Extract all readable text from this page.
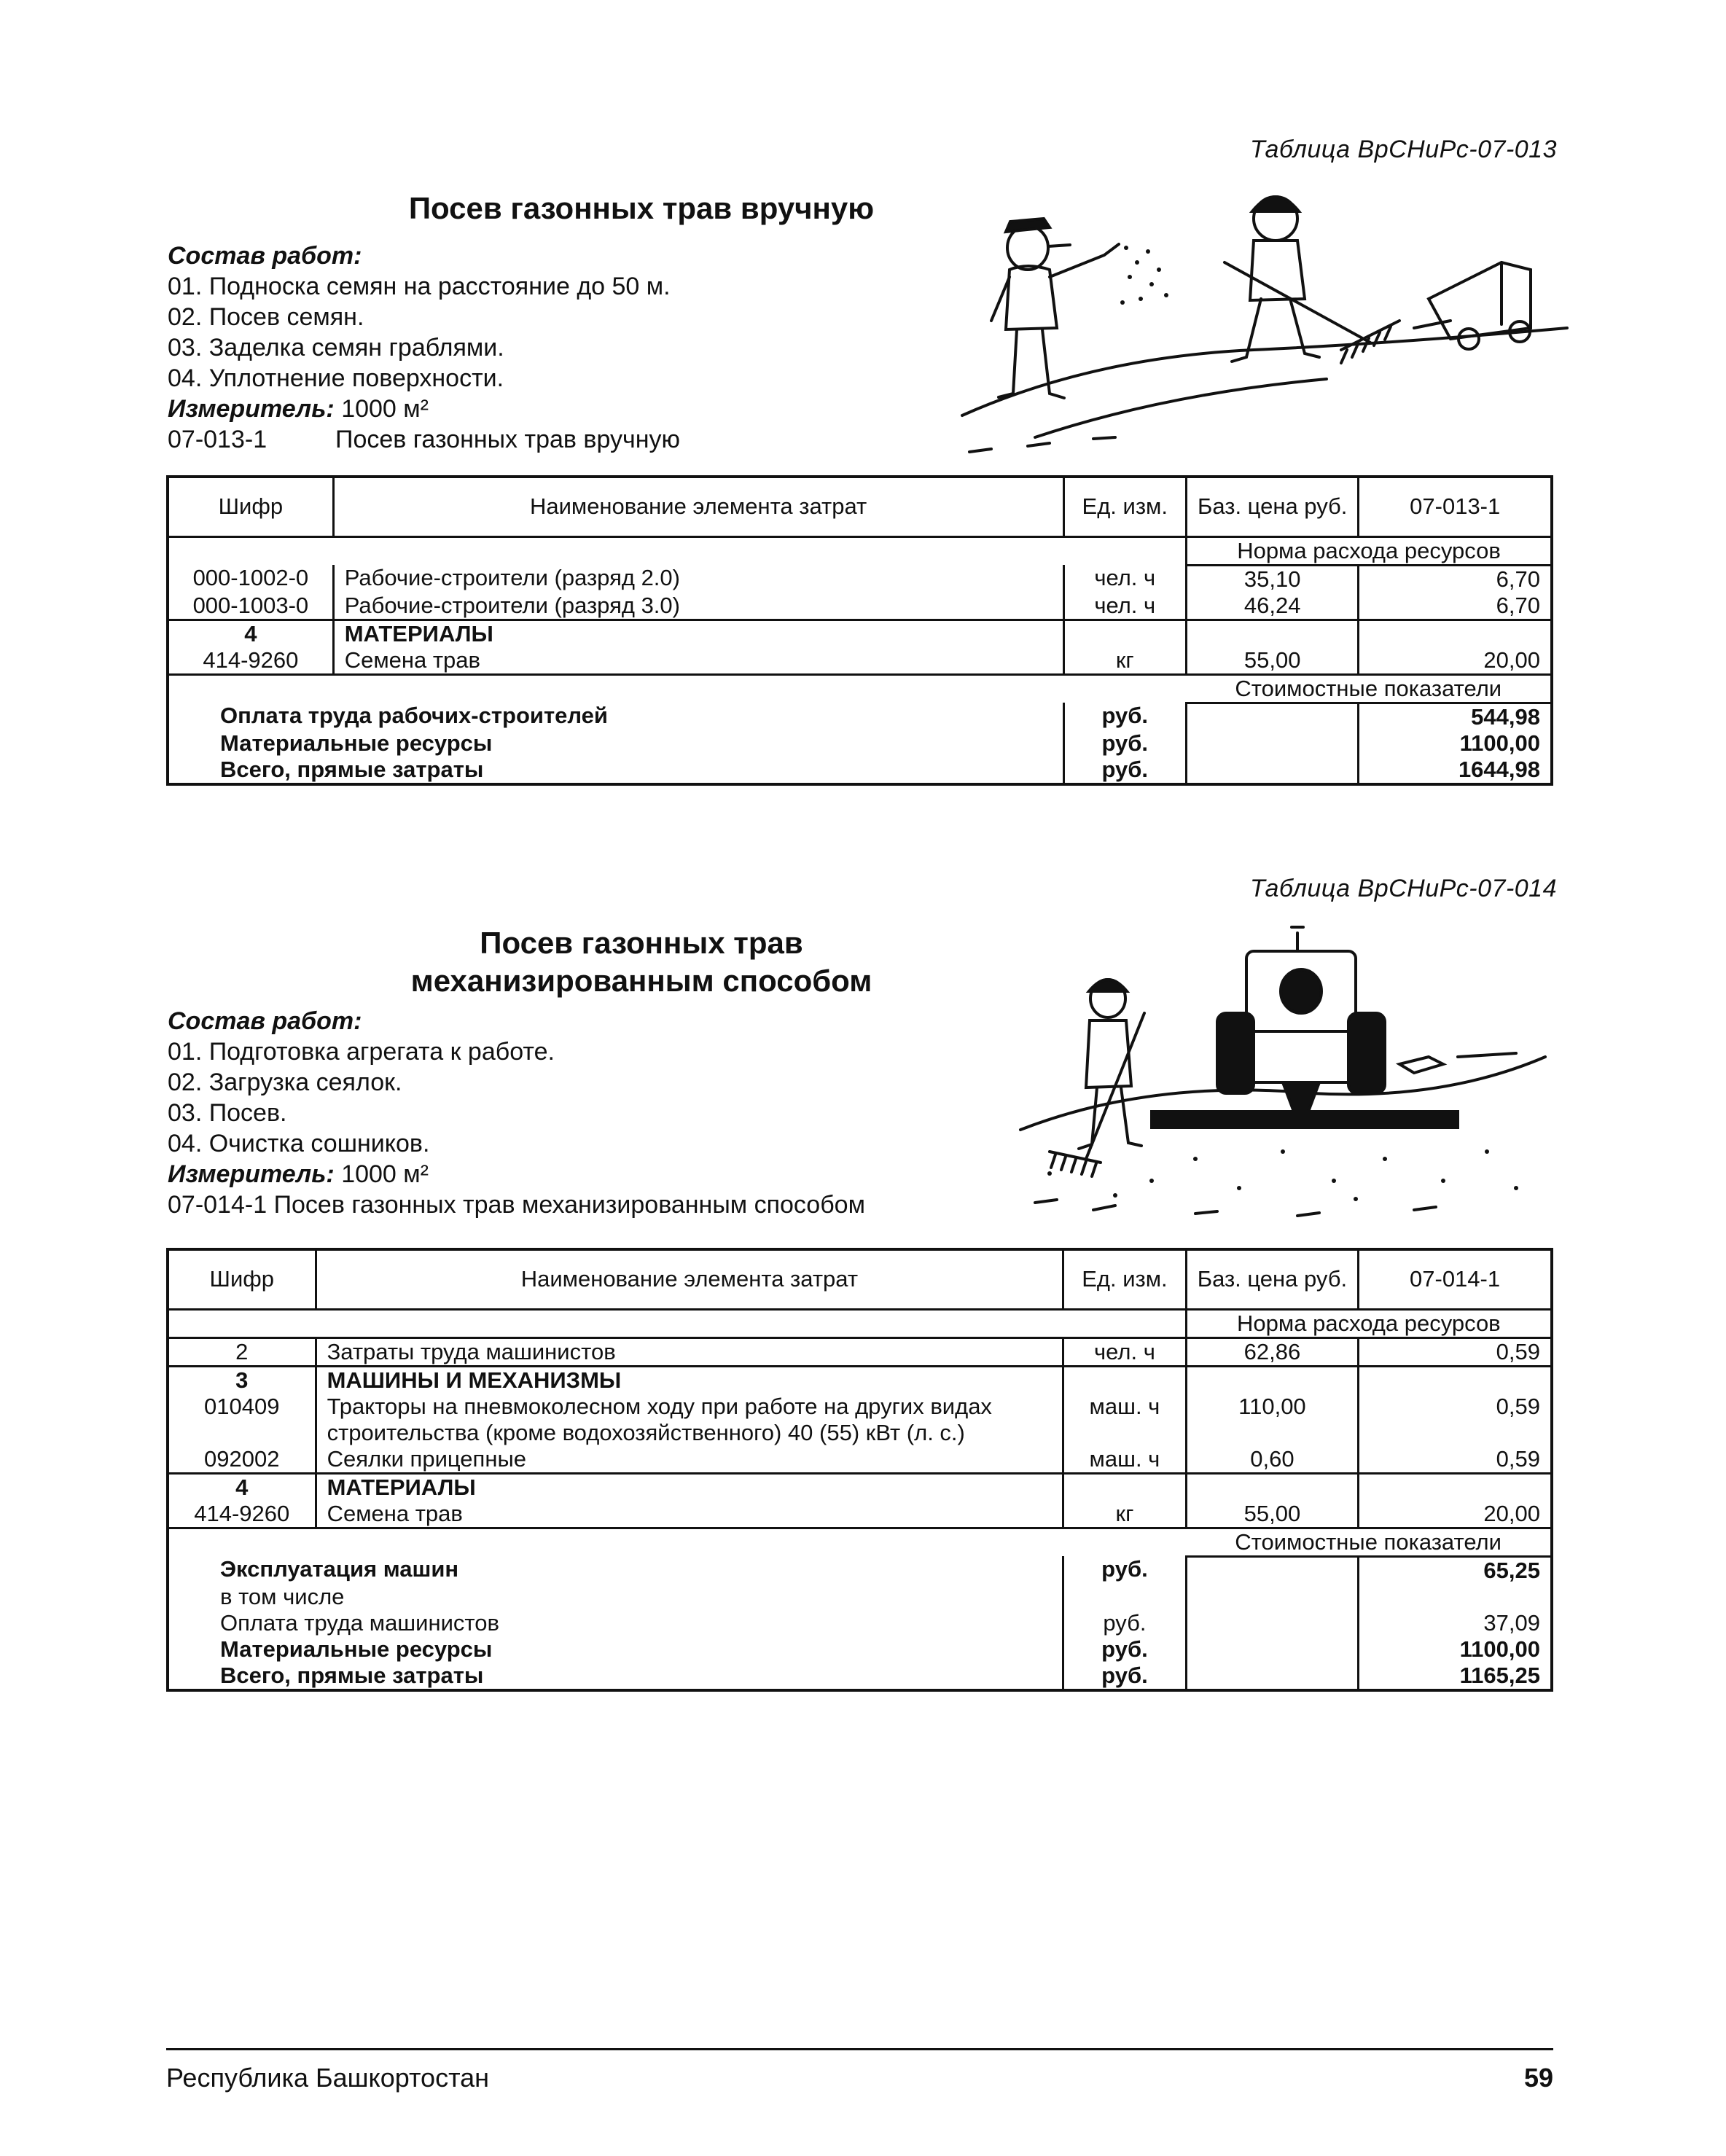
Таблица ВрСНиРс-07-013
Посев газонных трав вручную
Состав работ:
01. Подноска семян на расстояние до 50 м.
02. Посев семян.
03. Заделка семян граблями.
04. Уплотнение поверхности.
Измеритель: 1000 м²
07-013-1	Посев газонных трав вручную
Шифр	Наименование элемента затрат	Ед. изм.	Баз. цена руб.	07-013-1
			Норма расхода ресурсов	
000-1002-0	Рабочие-строители (разряд 2.0)	чел. ч	35,10	6,70
000-1003-0	Рабочие-строители (разряд 3.0)	чел. ч	46,24	6,70
4	МАТЕРИАЛЫ			
414-9260	Семена трав	кг	55,00	20,00
			Стоимостные показатели	
Оплата труда рабочих-строителей		руб.		544,98
Материальные ресурсы		руб.		1100,00
Всего, прямые затраты		руб.		1644,98
Таблица ВрСНиРс-07-014
Посев газонных трав
механизированным способом
Состав работ:
01. Подготовка агрегата к работе.
02. Загрузка сеялок.
03. Посев.
04. Очистка сошников.
Измеритель: 1000 м²
07-014-1 Посев газонных трав механизированным способом
Шифр	Наименование элемента затрат	Ед. изм.	Баз. цена руб.	07-014-1
			Норма расхода ресурсов	
2	Затраты труда машинистов	чел. ч	62,86	0,59
3	МАШИНЫ И МЕХАНИЗМЫ			
010409	Тракторы на пневмоколесном ходу при работе на других видах строительства (кроме водохозяйственного) 40 (55) кВт (л. с.)	маш. ч	110,00	0,59
092002	Сеялки прицепные	маш. ч	0,60	0,59
4	МАТЕРИАЛЫ			
414-9260	Семена трав	кг	55,00	20,00
			Стоимостные показатели	
Эксплуатация машин		руб.		65,25
в том числе				
Оплата труда машинистов		руб.		37,09
Материальные ресурсы		руб.		1100,00
Всего, прямые затраты		руб.		1165,25
Республика Башкортостан	59
